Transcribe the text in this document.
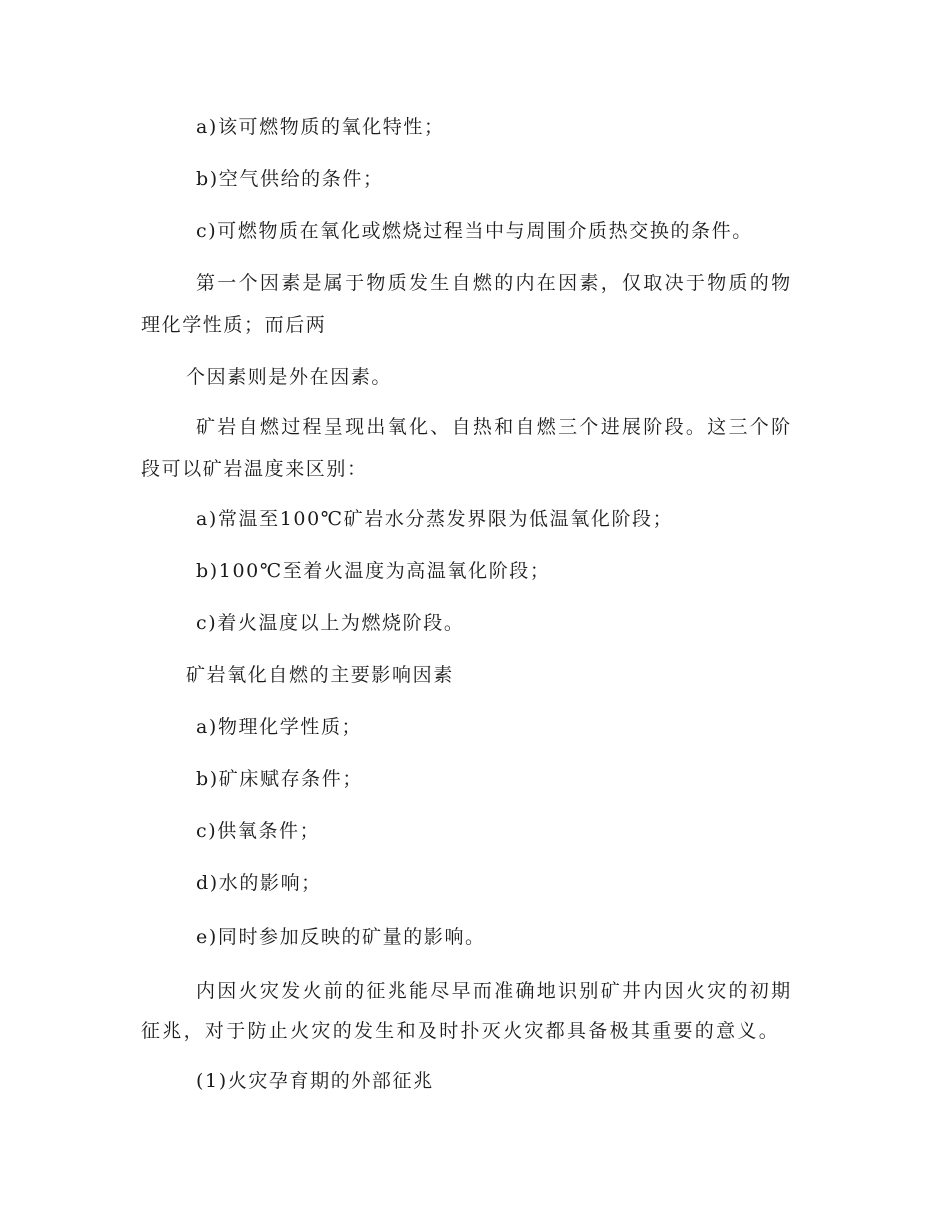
a)该可燃物质的氧化特性；
b)空气供给的条件；
c)可燃物质在氧化或燃烧过程当中与周围介质热交换的条件。
第一个因素是属于物质发生自燃的内在因素，仅取决于物质的物
理化学性质；而后两
个因素则是外在因素。
矿岩自燃过程呈现出氧化、自热和自燃三个进展阶段。这三个阶
段可以矿岩温度来区别：
a)常温至100℃矿岩水分蒸发界限为低温氧化阶段；
b)100℃至着火温度为高温氧化阶段；
c)着火温度以上为燃烧阶段。
矿岩氧化自燃的主要影响因素
a)物理化学性质；
b)矿床赋存条件；
c)供氧条件；
d)水的影响；
e)同时参加反映的矿量的影响。
内因火灾发火前的征兆能尽早而准确地识别矿井内因火灾的初期
征兆，对于防止火灾的发生和及时扑灭火灾都具备极其重要的意义。
(1)火灾孕育期的外部征兆
